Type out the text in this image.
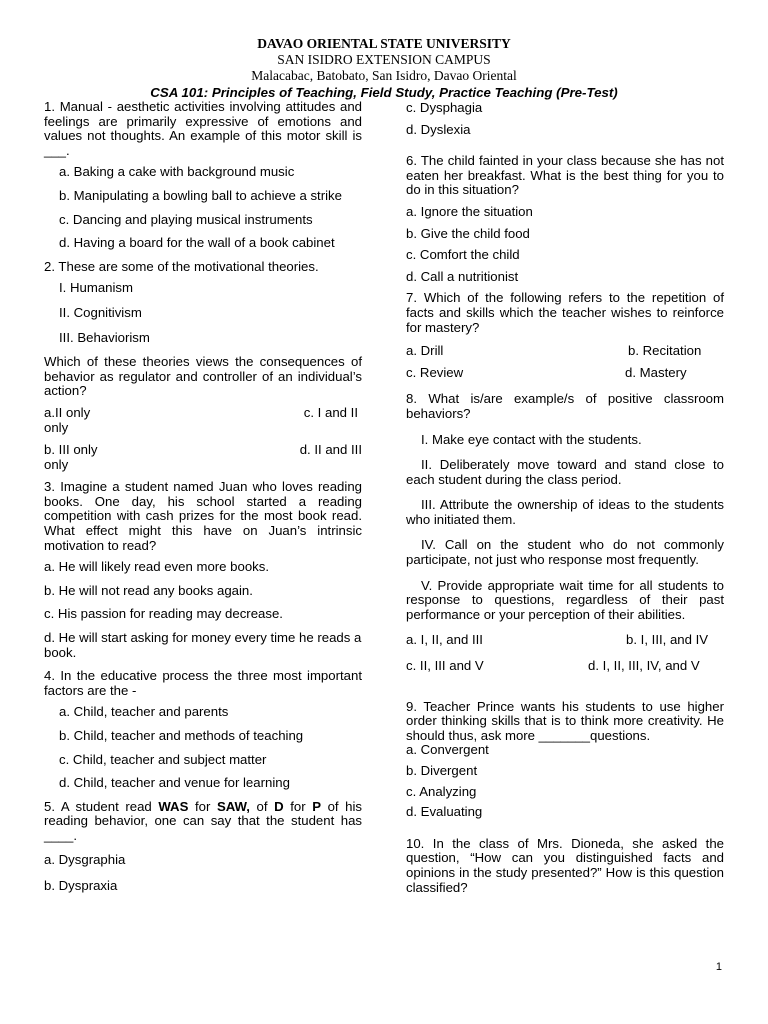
DAVAO ORIENTAL STATE UNIVERSITY
SAN ISIDRO EXTENSION CAMPUS
Malacabac, Batobato, San Isidro, Davao Oriental
CSA 101: Principles of Teaching, Field Study, Practice Teaching (Pre-Test)

1. Manual - aesthetic activities involving attitudes and feelings are primarily expressive of emotions and values not thoughts. An example of this motor skill is ___.

a. Baking a cake with background music

b. Manipulating a bowling ball to achieve a strike

c. Dancing and playing musical instruments

d. Having a board for the wall of a book cabinet

2. These are some of the motivational theories.

I. Humanism

II. Cognitivism

III. Behaviorism

Which of these theories views the consequences of behavior as regulator and controller of an individual’s action?

a.II only	c. I and II
only
b. III only	d. II and III
only

3. Imagine a student named Juan who loves reading books. One day, his school started a reading competition with cash prizes for the most book read. What effect might this have on Juan’s intrinsic motivation to read?

a. He will likely read even more books.

b. He will not read any books again.

c. His passion for reading may decrease.

d. He will start asking for money every time he reads a book.

4. In the educative process the three most important factors are the -

a. Child, teacher and parents

b. Child, teacher and methods of teaching

c. Child, teacher and subject matter

d. Child, teacher and venue for learning

5. A student read WAS for SAW, of D for P of his reading behavior, one can say that the student has ____.

a. Dysgraphia

b. Dyspraxia

c. Dysphagia

d. Dyslexia

6. The child fainted in your class because she has not eaten her breakfast. What is the best thing for you to do in this situation?

a. Ignore the situation

b. Give the child food

c. Comfort the child

d. Call a nutritionist

7. Which of the following refers to the repetition of facts and skills which the teacher wishes to reinforce for mastery?

a. Drill	b. Recitation
c. Review	d. Mastery

8. What is/are example/s of positive classroom behaviors?

I. Make eye contact with the students.

II. Deliberately move toward and stand close to each student during the class period.

III. Attribute the ownership of ideas to the students who initiated them.

IV. Call on the student who do not commonly participate, not just who response most frequently.

V. Provide appropriate wait time for all students to response to questions, regardless of their past performance or your perception of their abilities.

a. I, II, and III	b. I, III, and IV
c. II, III and V	d. I, II, III, IV, and V

9. Teacher Prince wants his students to use higher order thinking skills that is to think more creativity. He should thus, ask more _______questions.

a. Convergent

b. Divergent

c. Analyzing

d. Evaluating

10. In the class of Mrs. Dioneda, she asked the question, “How can you distinguished facts and opinions in the study presented?” How is this question classified?

1
